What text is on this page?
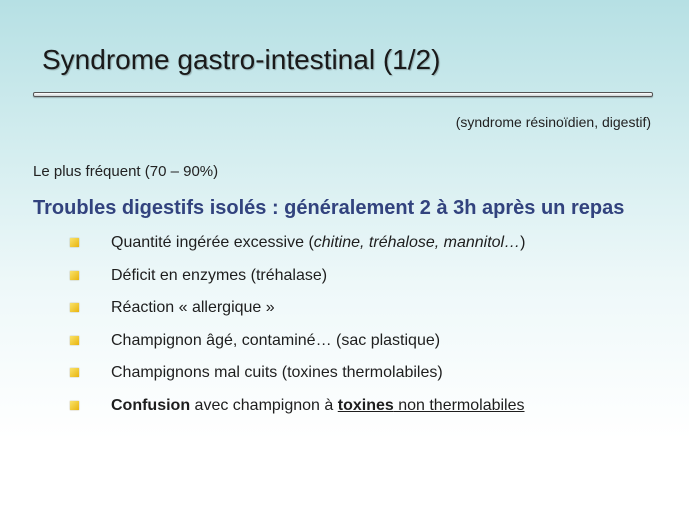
Syndrome gastro-intestinal (1/2)
(syndrome résinoïdien, digestif)
Le plus fréquent (70 – 90%)
Troubles digestifs isolés : généralement 2 à 3h après un repas
Quantité ingérée excessive (chitine, tréhalose, mannitol…)
Déficit en enzymes (tréhalase)
Réaction « allergique »
Champignon âgé, contaminé… (sac plastique)
Champignons mal cuits (toxines thermolabiles)
Confusion avec champignon à toxines non thermolabiles
